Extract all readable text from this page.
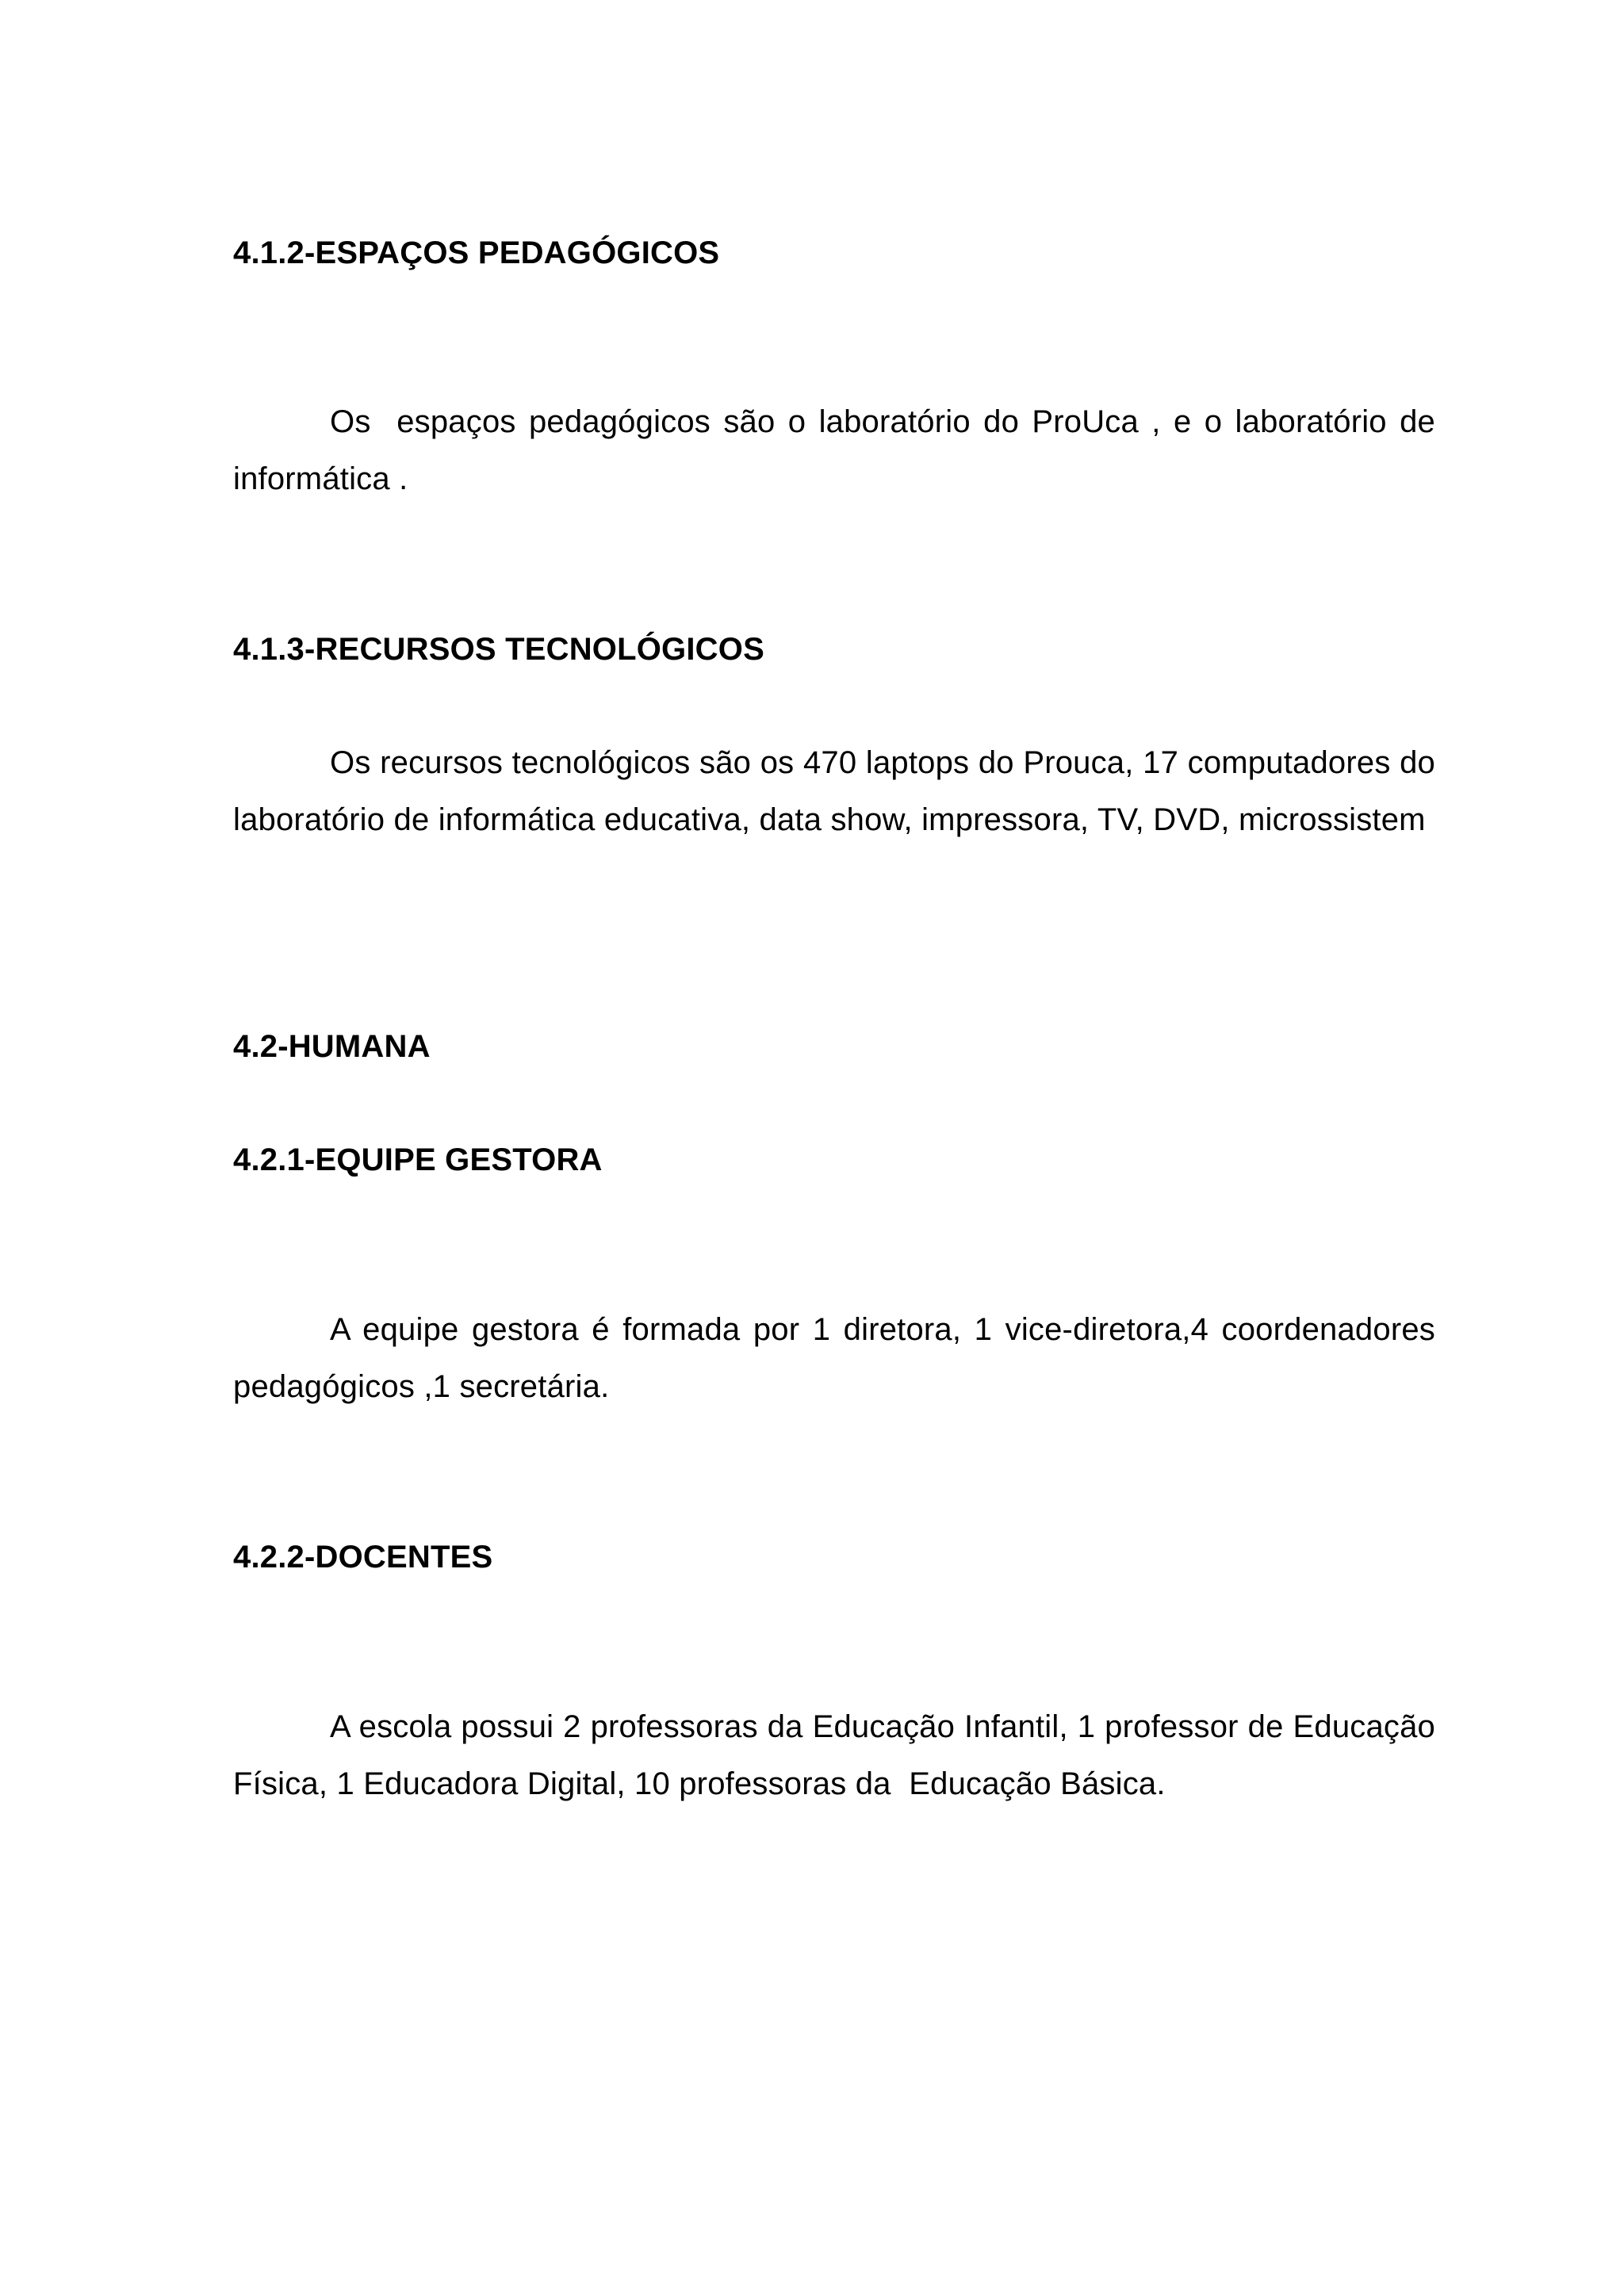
4.1.2-ESPAÇOS PEDAGÓGICOS

Os  espaços pedagógicos são o laboratório do ProUca , e o laboratório de informática .

4.1.3-RECURSOS TECNOLÓGICOS

Os recursos tecnológicos são os 470 laptops do Prouca, 17 computadores do laboratório de informática educativa, data show, impressora, TV, DVD, microssistem

4.2-HUMANA
4.2.1-EQUIPE GESTORA

A equipe gestora é formada por 1 diretora, 1 vice-diretora,4 coordenadores pedagógicos ,1 secretária.

4.2.2-DOCENTES

A escola possui 2 professoras da Educação Infantil, 1 professor de Educação Física, 1 Educadora Digital, 10 professoras da  Educação Básica.
